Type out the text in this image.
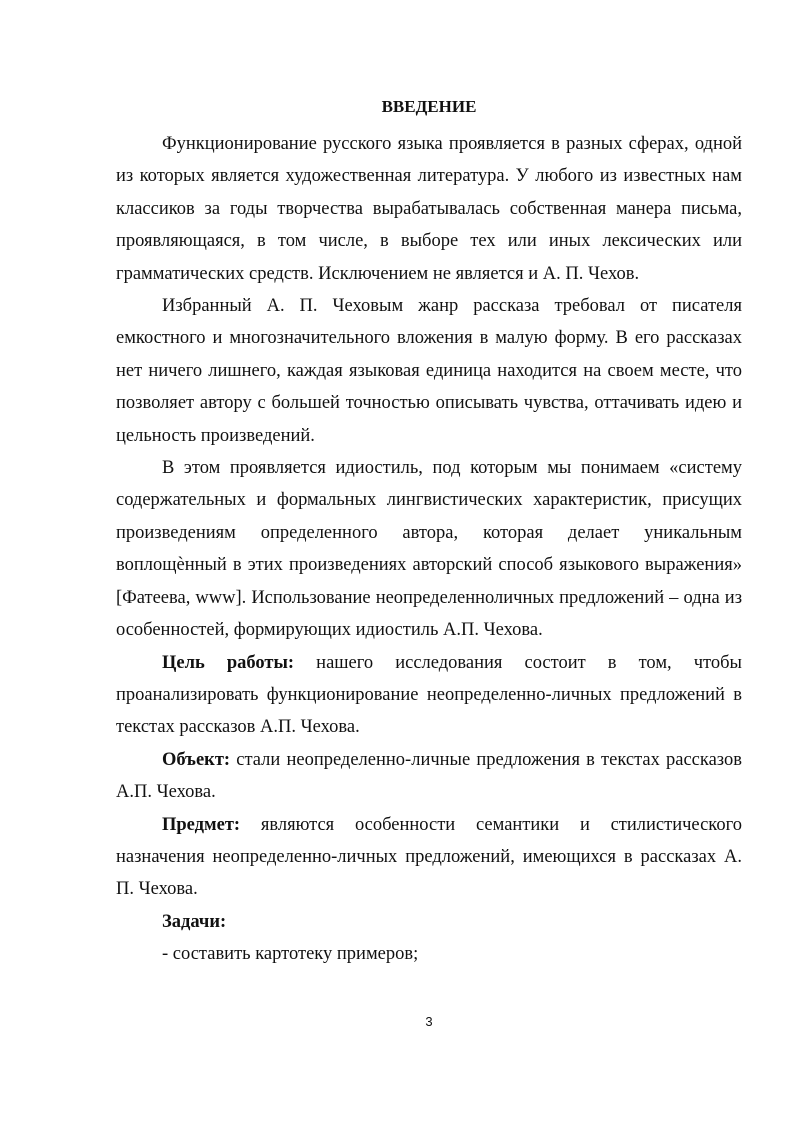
ВВЕДЕНИЕ

Функционирование русского языка проявляется в разных сферах, одной из которых является художественная литература. У любого из известных нам классиков за годы творчества вырабатывалась собственная манера письма, проявляющаяся, в том числе, в выборе тех или иных лексических или грамматических средств. Исключением не является и А. П. Чехов.

Избранный А. П. Чеховым жанр рассказа требовал от писателя емкостного и многозначительного вложения в малую форму. В его рассказах нет ничего лишнего, каждая языковая единица находится на своем месте, что позволяет автору с большей точностью описывать чувства, оттачивать идею и цельность произведений.

В этом проявляется идиостиль, под которым мы понимаем «систему содержательных и формальных лингвистических характеристик, присущих произведениям определенного автора, которая делает уникальным воплощѐнный в этих произведениях авторский способ языкового выражения» [Фатеева, www]. Использование неопределенноличных предложений – одна из особенностей, формирующих идиостиль А.П. Чехова.

Цель работы: нашего исследования состоит в том, чтобы проанализировать функционирование неопределенно-личных предложений в текстах рассказов А.П. Чехова.

Объект: стали неопределенно-личные предложения в текстах рассказов А.П. Чехова.

Предмет: являются особенности семантики и стилистического назначения неопределенно-личных предложений, имеющихся в рассказах А. П. Чехова.

Задачи:

- составить картотеку примеров;

3
